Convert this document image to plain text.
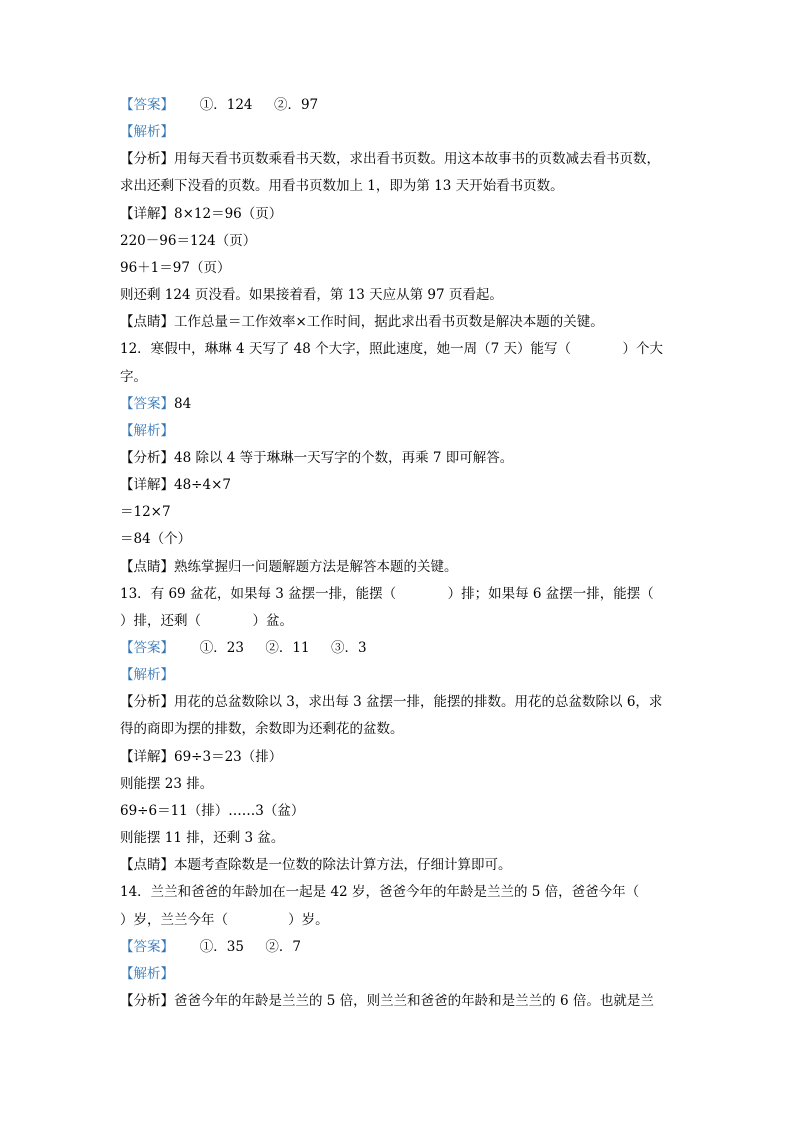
【答案】      ①．124     ②．97
【解析】
【分析】用每天看书页数乘看书天数，求出看书页数。用这本故事书的页数减去看书页数，
求出还剩下没看的页数。用看书页数加上 1，即为第 13 天开始看书页数。
【详解】8×12＝96（页）
220－96＝124（页）
96＋1＝97（页）
则还剩 124 页没看。如果接着看，第 13 天应从第 97 页看起。
【点睛】工作总量＝工作效率×工作时间，据此求出看书页数是解决本题的关键。
12．寒假中，琳琳 4 天写了 48 个大字，照此速度，她一周（7 天）能写（            ）个大
字。
【答案】84
【解析】
【分析】48 除以 4 等于琳琳一天写字的个数，再乘 7 即可解答。
【详解】48÷4×7
＝12×7
＝84（个）
【点睛】熟练掌握归一问题解题方法是解答本题的关键。
13．有 69 盆花，如果每 3 盆摆一排，能摆（            ）排；如果每 6 盆摆一排，能摆（
）排，还剩（            ）盆。
【答案】      ①．23     ②．11     ③．3
【解析】
【分析】用花的总盆数除以 3，求出每 3 盆摆一排，能摆的排数。用花的总盆数除以 6，求
得的商即为摆的排数，余数即为还剩花的盆数。
【详解】69÷3＝23（排）
则能摆 23 排。
69÷6＝11（排）……3（盆）
则能摆 11 排，还剩 3 盆。
【点睛】本题考查除数是一位数的除法计算方法，仔细计算即可。
14．兰兰和爸爸的年龄加在一起是 42 岁，爸爸今年的年龄是兰兰的 5 倍，爸爸今年（
）岁，兰兰今年（              ）岁。
【答案】      ①．35     ②．7
【解析】
【分析】爸爸今年的年龄是兰兰的 5 倍，则兰兰和爸爸的年龄和是兰兰的 6 倍。也就是兰
